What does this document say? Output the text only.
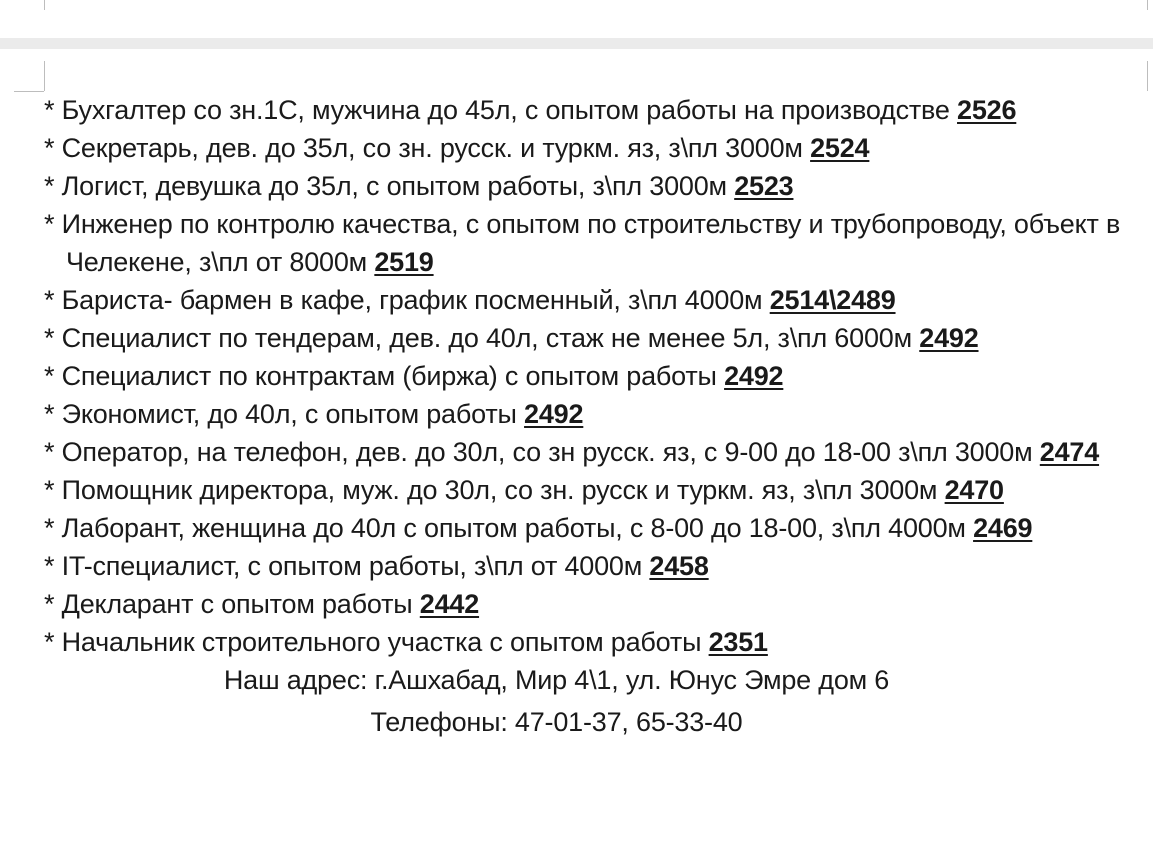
* Бухгалтер со зн.1С, мужчина до 45л, с опытом работы на производстве 2526
* Секретарь, дев. до 35л, со зн. русск. и туркм. яз, з\пл 3000м 2524
* Логист, девушка до 35л, с опытом работы, з\пл 3000м 2523
* Инженер по контролю качества, с опытом по строительству и трубопроводу, объект в
Челекене, з\пл от 8000м 2519
* Бариста- бармен в кафе, график посменный, з\пл 4000м 2514\2489
* Специалист по тендерам, дев. до 40л, стаж не менее 5л, з\пл 6000м 2492
* Специалист по контрактам (биржа) с опытом работы 2492
* Экономист, до 40л, с опытом работы 2492
* Оператор, на телефон, дев. до 30л, со зн русск. яз, с 9-00 до 18-00 з\пл 3000м 2474
* Помощник директора, муж. до 30л, со зн. русск и туркм. яз, з\пл 3000м 2470
* Лаборант, женщина до 40л с опытом работы, с 8-00 до 18-00, з\пл 4000м 2469
* IT-специалист, с опытом работы, з\пл от 4000м 2458
* Декларант с опытом работы 2442
* Начальник строительного участка с опытом работы 2351
Наш адрес: г.Ашхабад, Мир 4\1, ул. Юнус Эмре дом 6
Телефоны: 47-01-37, 65-33-40
